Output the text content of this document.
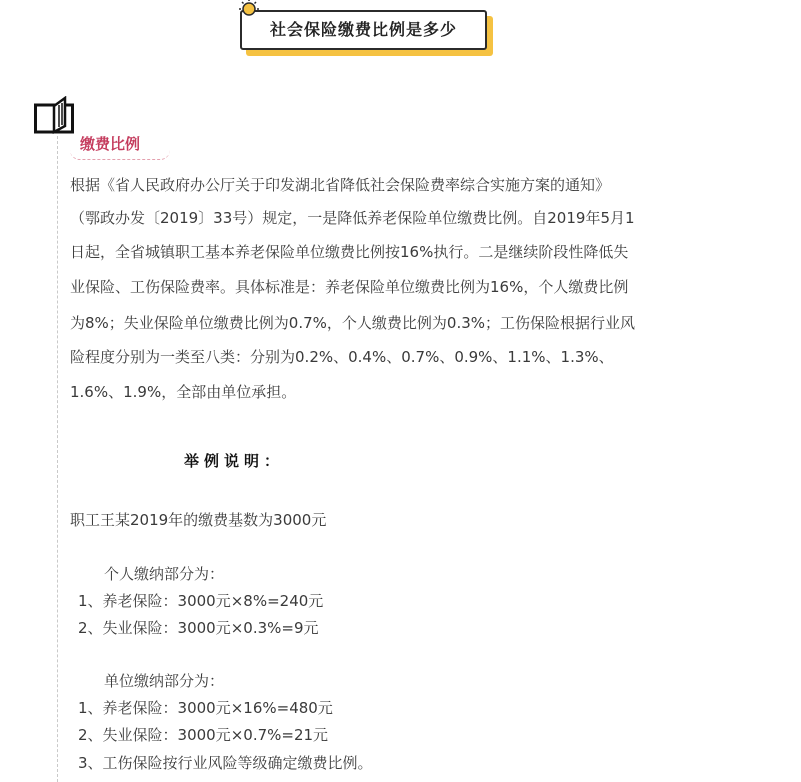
社会保险缴费比例是多少
缴费比例
根据《省人民政府办公厅关于印发湖北省降低社会保险费率综合实施方案的通知》
（鄂政办发〔2019〕33号）规定，一是降低养老保险单位缴费比例。自2019年5月1
日起，全省城镇职工基本养老保险单位缴费比例按16%执行。二是继续阶段性降低失
业保险、工伤保险费率。具体标准是：养老保险单位缴费比例为16%，个人缴费比例
为8%；失业保险单位缴费比例为0.7%，个人缴费比例为0.3%；工伤保险根据行业风
险程度分别为一类至八类：分别为0.2%、0.4%、0.7%、0.9%、1.1%、1.3%、
1.6%、1.9%，全部由单位承担。
举例说明：
职工王某2019年的缴费基数为3000元
个人缴纳部分为：
1、养老保险：3000元×8%=240元
2、失业保险：3000元×0.3%=9元
单位缴纳部分为：
1、养老保险：3000元×16%=480元
2、失业保险：3000元×0.7%=21元
3、工伤保险按行业风险等级确定缴费比例。
